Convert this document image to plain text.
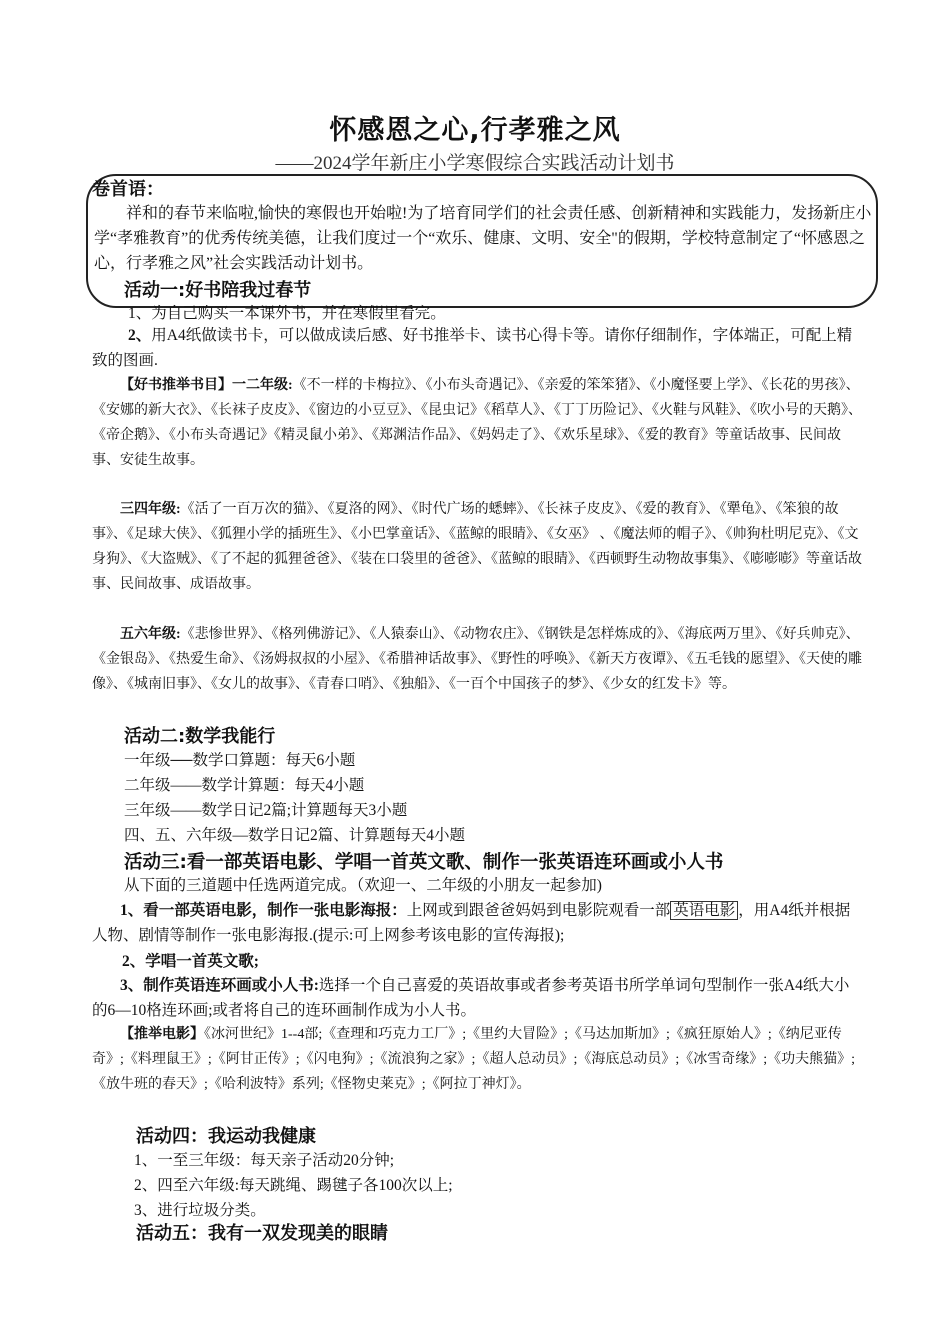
怀感恩之心,行孝雅之风
——2024学年新庄小学寒假综合实践活动计划书
卷首语：
祥和的春节来临啦,愉快的寒假也开始啦!为了培育同学们的社会责任感、创新精神和实践能力，发扬新庄小学“孝雅教育”的优秀传统美德，让我们度过一个“欢乐、健康、文明、安全"的假期，学校特意制定了“怀感恩之心，行孝雅之风”社会实践活动计划书。
活动一:好书陪我过春节
1、为自己购买一本课外书，并在寒假里看完。
2、用A4纸做读书卡，可以做成读后感、好书推举卡、读书心得卡等。请你仔细制作，字体端正，可配上精致的图画.
【好书推举书目】一二年级:《不一样的卡梅拉》、《小布头奇遇记》、《亲爱的笨笨猪》、《小魔怪要上学》、《长花的男孩》、《安娜的新大衣》、《长袜子皮皮》、《窗边的小豆豆》、《昆虫记》《稻草人》、《丁丁历险记》、《火鞋与风鞋》、《吹小号的天鹅》、《帝企鹅》、《小布头奇遇记》《精灵鼠小弟》、《郑渊洁作品》、《妈妈走了》、《欢乐星球》、《爱的教育》等童话故事、民间故事、安徒生故事。
三四年级:《活了一百万次的猫》、《夏洛的网》、《时代广场的蟋蟀》、《长袜子皮皮》、《爱的教育》、《犟龟》、《笨狼的故事》、《足球大侠》、《狐狸小学的插班生》、《小巴掌童话》、《蓝鲸的眼睛》、《女巫》 、《魔法师的帽子》、《帅狗杜明尼克》、《文身狗》、《大盗贼》、《了不起的狐狸爸爸》、《装在口袋里的爸爸》、《蓝鲸的眼睛》、《西顿野生动物故事集》、《嘭嘭嘭》等童话故事、民间故事、成语故事。
五六年级:《悲惨世界》、《格列佛游记》、《人猿泰山》、《动物农庄》、《钢铁是怎样炼成的》、《海底两万里》、《好兵帅克》、《金银岛》、《热爱生命》、《汤姆叔叔的小屋》、《希腊神话故事》、《野性的呼唤》、《新天方夜谭》、《五毛钱的愿望》、《天使的雕像》、《城南旧事》、《女儿的故事》、《青春口哨》、《独船》、《一百个中国孩子的梦》、《少女的红发卡》等。
活动二:数学我能行
一年级──数学口算题：每天6小题
二年级——数学计算题：每天4小题
三年级——数学日记2篇;计算题每天3小题
四、五、六年级—数学日记2篇、计算题每天4小题
活动三:看一部英语电影、学唱一首英文歌、制作一张英语连环画或小人书
从下面的三道题中任选两道完成。（欢迎一、二年级的小朋友一起参加)
1、看一部英语电影，制作一张电影海报：上网或到跟爸爸妈妈到电影院观看一部 英语电影 ，用A4纸并根据人物、剧情等制作一张电影海报.(提示:可上网参考该电影的宣传海报);
2、学唱一首英文歌;
3、制作英语连环画或小人书:选择一个自己喜爱的英语故事或者参考英语书所学单词句型制作一张A4纸大小的6—10格连环画;或者将自己的连环画制作成为小人书。
【推举电影】《冰河世纪》1--4部;《查理和巧克力工厂》;《里约大冒险》;《马达加斯加》;《疯狂原始人》;《纳尼亚传奇》;《料理鼠王》;《阿甘正传》;《闪电狗》;《流浪狗之家》;《超人总动员》;《海底总动员》;《冰雪奇缘》;《功夫熊猫》;《放牛班的春天》;《哈利波特》系列;《怪物史莱克》;《阿拉丁神灯》。
活动四：我运动我健康
1、一至三年级：每天亲子活动20分钟;
2、四至六年级:每天跳绳、踢毽子各100次以上;
3、进行垃圾分类。
活动五：我有一双发现美的眼睛
